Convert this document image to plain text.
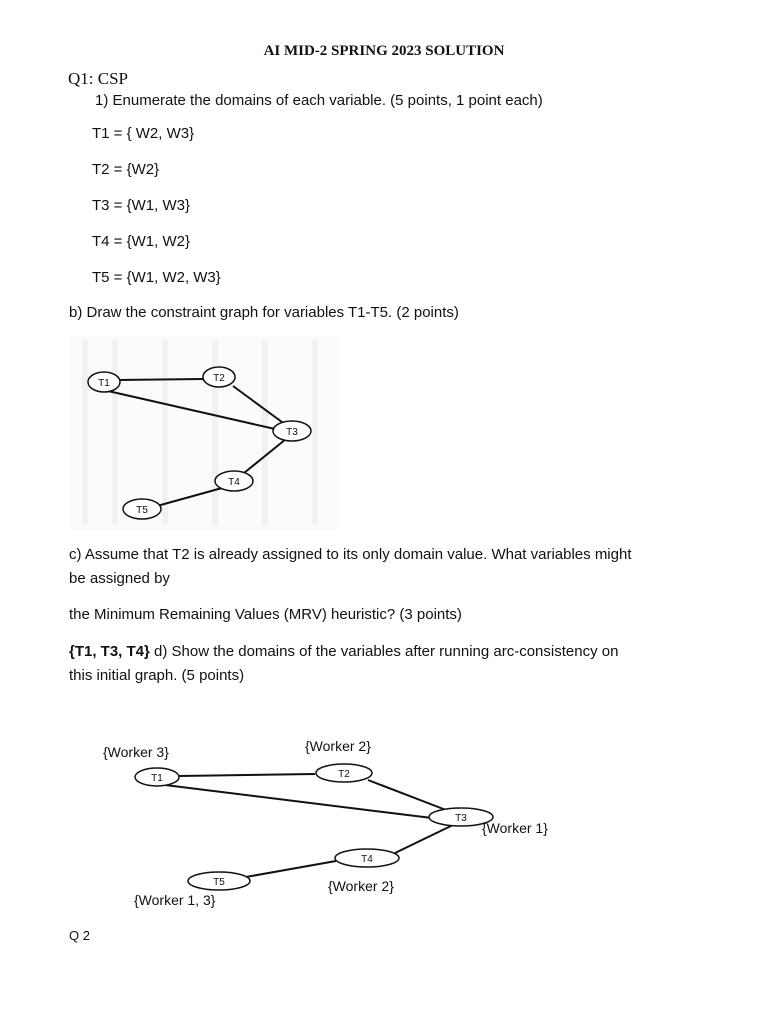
AI MID-2 SPRING 2023 SOLUTION
Q1: CSP
1) Enumerate the domains of each variable. (5 points, 1 point each)
T1 = { W2, W3}
T2 = {W2}
T3 = {W1, W3}
T4 = {W1, W2}
T5 = {W1, W2, W3}
b) Draw the constraint graph for variables T1-T5. (2 points)
T1	T2
T3
T4
T5
c) Assume that T2 is already assigned to its only domain value. What variables might
be assigned by
the Minimum Remaining Values (MRV) heuristic? (3 points)
{T1, T3, T4} d) Show the domains of the variables after running arc-consistency on
this initial graph. (5 points)
T1	T2
T3
T4
T5
{Worker 3}	{Worker 2}
{Worker 1}
{Worker 2}
{Worker 1, 3}
Q 2
